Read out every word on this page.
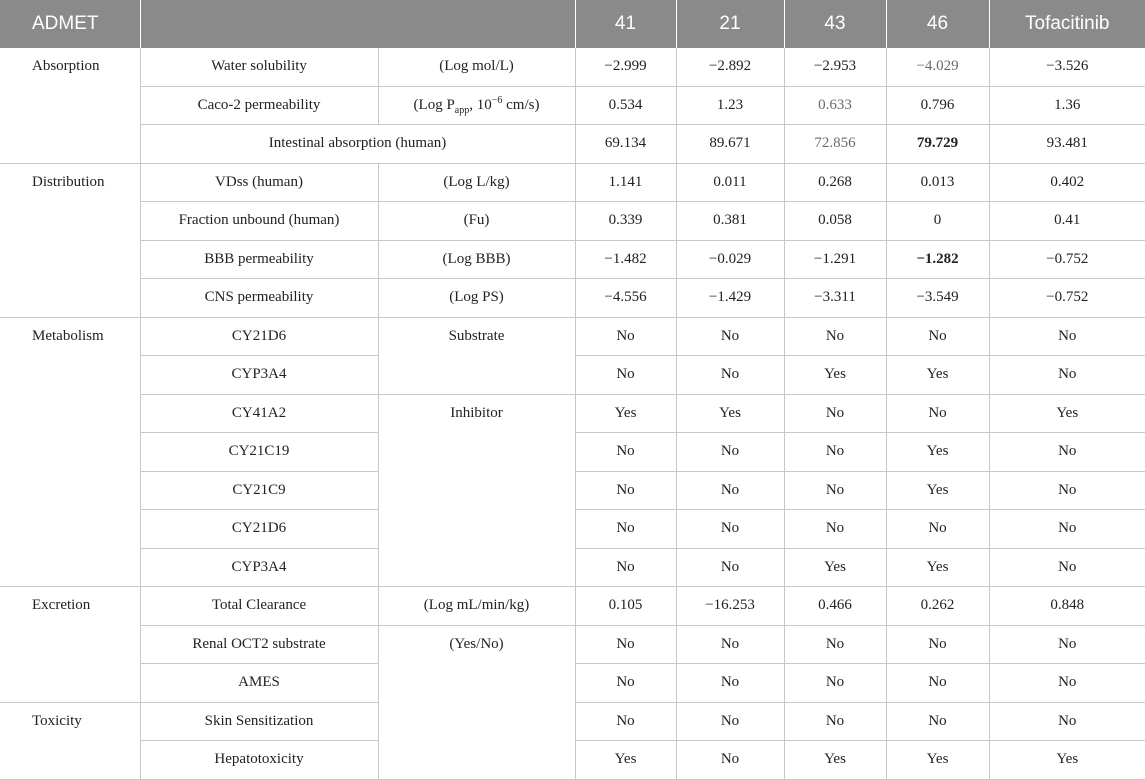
ADMET			41	21	43	46	Tofacitinib
Absorption	Water solubility	(Log mol/L)	−2.999	−2.892	−2.953	−4.029	−3.526
	Caco-2 permeability	(Log $P_{app}$, $10^{-6}$ cm/s)	0.534	1.23	0.633	0.796	1.36
	Intestinal absorption (human)		69.134	89.671	72.856	79.729	93.481
Distribution	VDss (human)	(Log L/kg)	1.141	0.011	0.268	0.013	0.402
	Fraction unbound (human)	(Fu)	0.339	0.381	0.058	0	0.41
	BBB permeability	(Log BBB)	−1.482	−0.029	−1.291	−1.282	−0.752
	CNS permeability	(Log PS)	−4.556	−1.429	−3.311	−3.549	−0.752
Metabolism	CY21D6	Substrate	No	No	No	No	No
	CYP3A4		No	No	Yes	Yes	No
	CY41A2	Inhibitor	Yes	Yes	No	No	Yes
	CY21C19		No	No	No	Yes	No
	CY21C9		No	No	No	Yes	No
	CY21D6		No	No	No	No	No
	CYP3A4		No	No	Yes	Yes	No
Excretion	Total Clearance	(Log mL/min/kg)	0.105	−16.253	0.466	0.262	0.848
	Renal OCT2 substrate	(Yes/No)	No	No	No	No	No
	AMES		No	No	No	No	No
Toxicity	Skin Sensitization		No	No	No	No	No
	Hepatotoxicity		Yes	No	Yes	Yes	Yes
